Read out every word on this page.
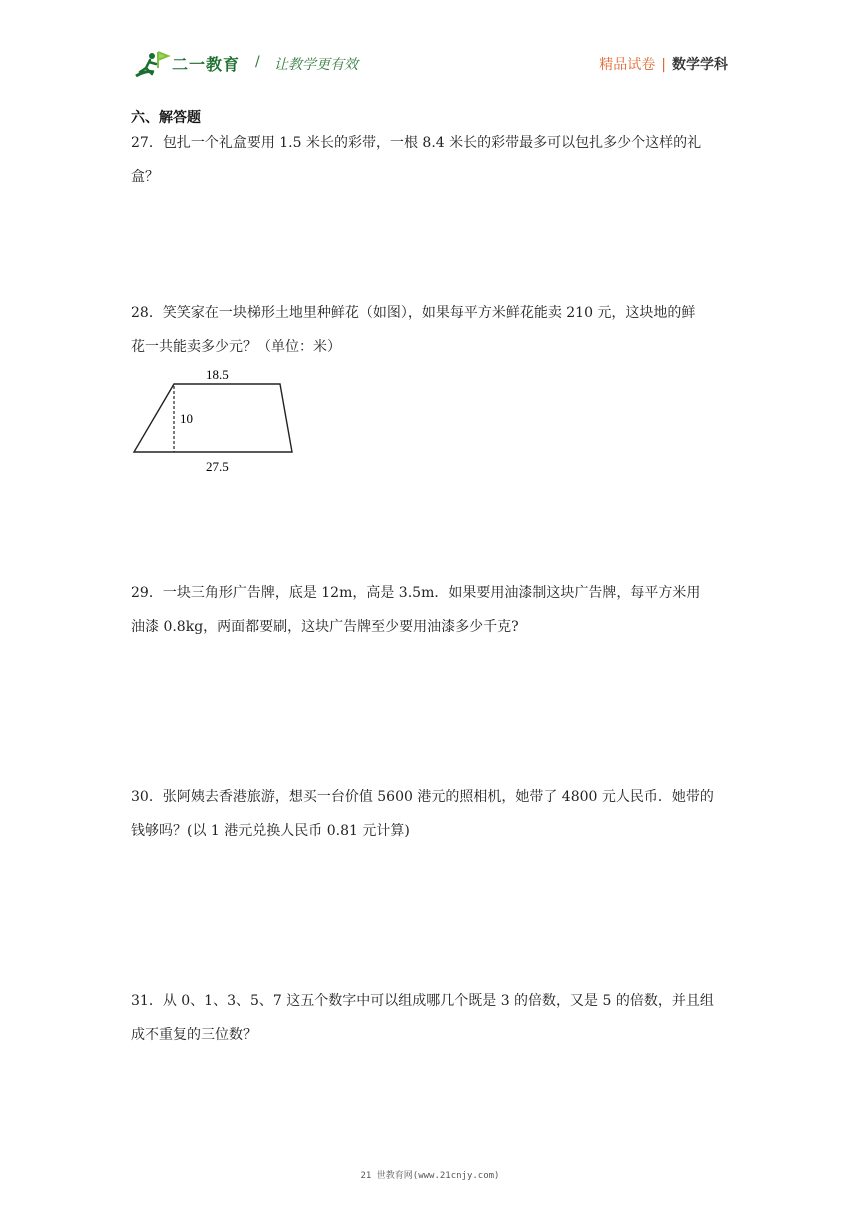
二一教育 / 让教学更有效	精品试卷 | 数学学科
六、解答题

27．包扎一个礼盒要用 1.5 米长的彩带，一根 8.4 米长的彩带最多可以包扎多少个这样的礼

盒？

28．笑笑家在一块梯形土地里种鲜花（如图），如果每平方米鲜花能卖 210 元，这块地的鲜

花一共能卖多少元？（单位：米）

18.5
10
27.5

29．一块三角形广告牌，底是 12m，高是 3.5m．如果要用油漆制这块广告牌，每平方米用

油漆 0.8kg，两面都要刷，这块广告牌至少要用油漆多少千克?

30．张阿姨去香港旅游，想买一台价值 5600 港元的照相机，她带了 4800 元人民币．她带的

钱够吗？(以 1 港元兑换人民币 0.81 元计算)

31．从 0、1、3、5、7 这五个数字中可以组成哪几个既是 3 的倍数，又是 5 的倍数，并且组

成不重复的三位数？

21 世教育网(www.21cnjy.com)
